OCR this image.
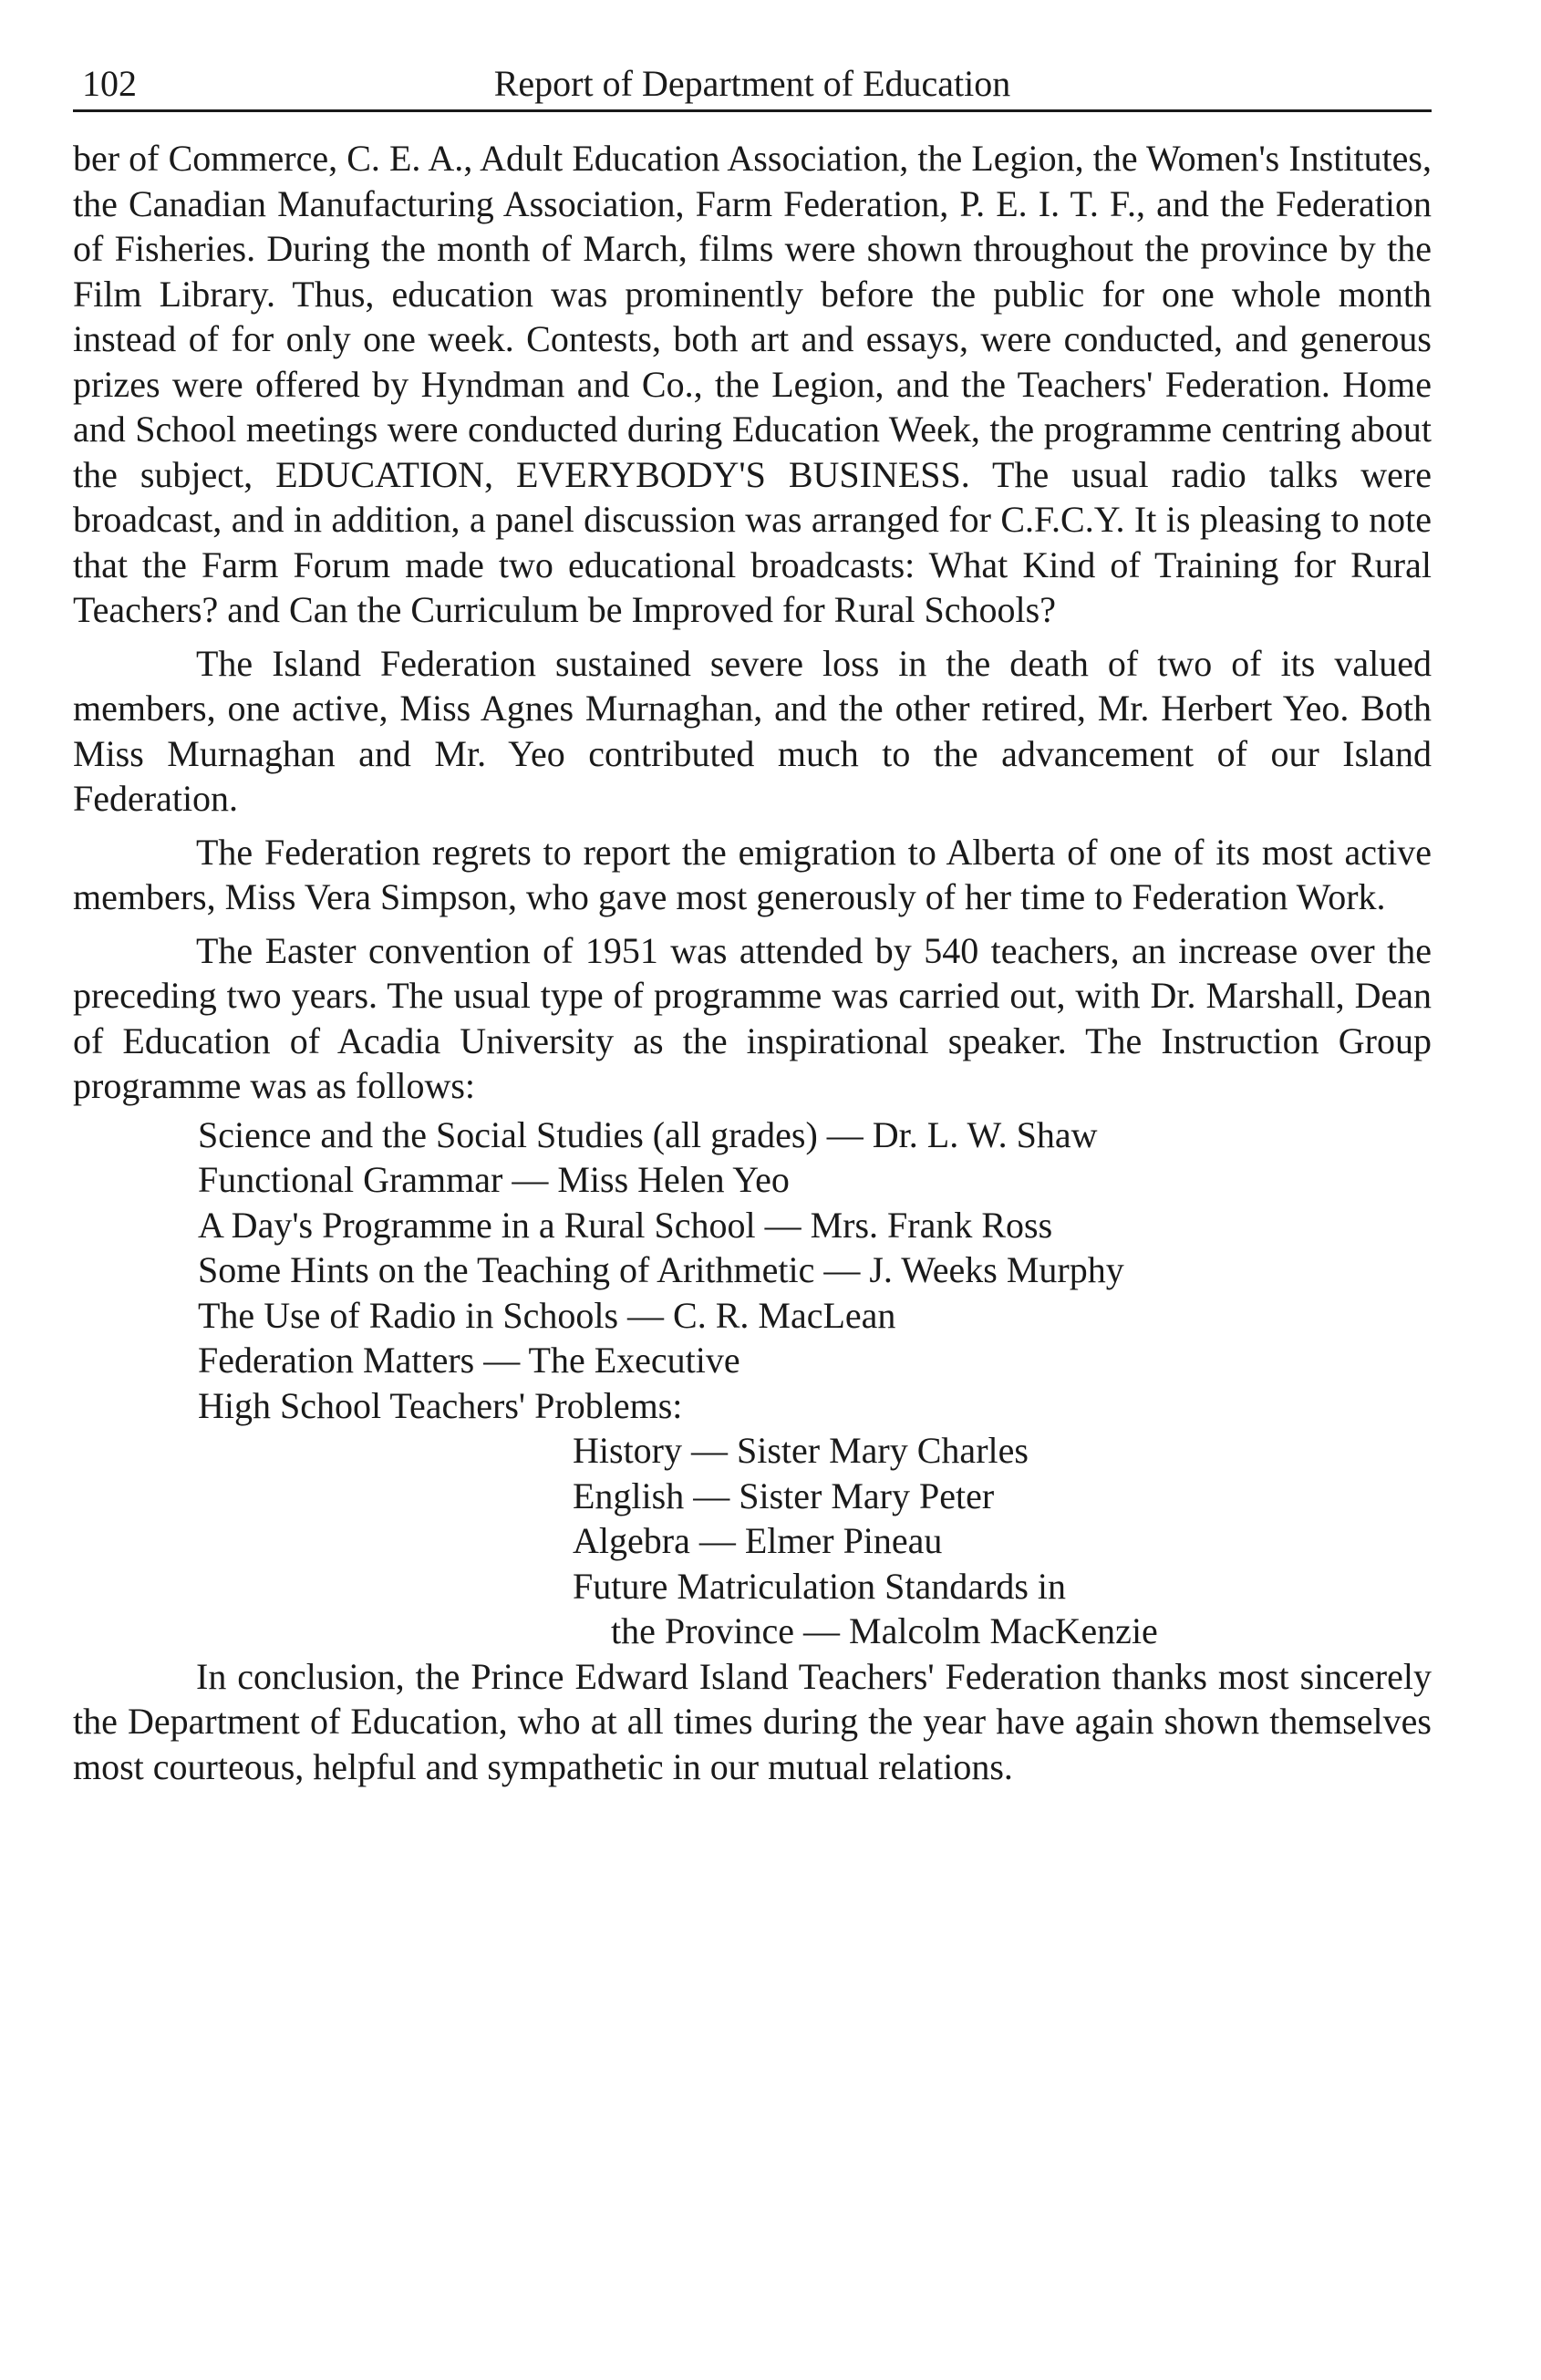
102	Report of Department of Education

ber of Commerce, C. E. A., Adult Education Association, the Legion, the Women's Institutes, the Canadian Manufacturing Association, Farm Federation, P. E. I. T. F., and the Federation of Fisheries. During the month of March, films were shown throughout the province by the Film Library. Thus, education was prominently before the public for one whole month instead of for only one week. Contests, both art and essays, were conducted, and generous prizes were offered by Hyndman and Co., the Legion, and the Teachers' Federation. Home and School meetings were conducted during Education Week, the programme centring about the subject, EDUCATION, EVERYBODY'S BUSINESS. The usual radio talks were broadcast, and in addition, a panel discussion was arranged for C.F.C.Y. It is pleasing to note that the Farm Forum made two educational broadcasts: What Kind of Training for Rural Teachers? and Can the Curriculum be Improved for Rural Schools?

The Island Federation sustained severe loss in the death of two of its valued members, one active, Miss Agnes Murnaghan, and the other retired, Mr. Herbert Yeo. Both Miss Murnaghan and Mr. Yeo contributed much to the advancement of our Island Federation.

The Federation regrets to report the emigration to Alberta of one of its most active members, Miss Vera Simpson, who gave most generously of her time to Federation Work.

The Easter convention of 1951 was attended by 540 teachers, an increase over the preceding two years. The usual type of programme was carried out, with Dr. Marshall, Dean of Education of Acadia University as the inspirational speaker. The Instruction Group programme was as follows:

Science and the Social Studies (all grades) — Dr. L. W. Shaw
Functional Grammar — Miss Helen Yeo
A Day's Programme in a Rural School — Mrs. Frank Ross
Some Hints on the Teaching of Arithmetic — J. Weeks Murphy
The Use of Radio in Schools — C. R. MacLean
Federation Matters — The Executive
High School Teachers' Problems:
History — Sister Mary Charles
English — Sister Mary Peter
Algebra — Elmer Pineau
Future Matriculation Standards in
the Province — Malcolm MacKenzie

In conclusion, the Prince Edward Island Teachers' Federation thanks most sincerely the Department of Education, who at all times during the year have again shown themselves most courteous, helpful and sympathetic in our mutual relations.
